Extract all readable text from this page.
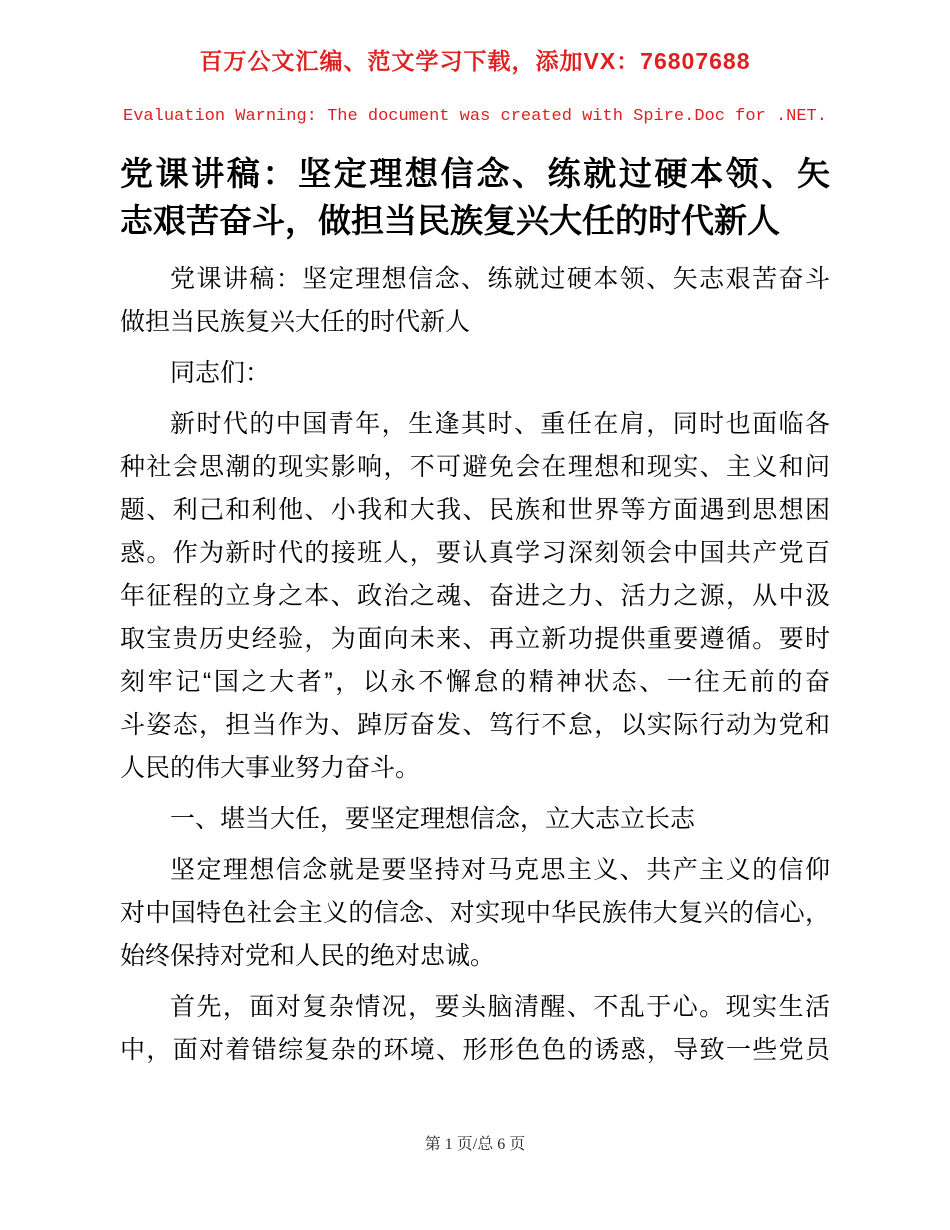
百万公文汇编、范文学习下载，添加VX：76807688
Evaluation Warning: The document was created with Spire.Doc for .NET.
党课讲稿：坚定理想信念、练就过硬本领、矢
志艰苦奋斗，做担当民族复兴大任的时代新人
党课讲稿：坚定理想信念、练就过硬本领、矢志艰苦奋斗
做担当民族复兴大任的时代新人
同志们：
新时代的中国青年，生逢其时、重任在肩，同时也面临各
种社会思潮的现实影响，不可避免会在理想和现实、主义和问
题、利己和利他、小我和大我、民族和世界等方面遇到思想困
惑。作为新时代的接班人，要认真学习深刻领会中国共产党百
年征程的立身之本、政治之魂、奋进之力、活力之源，从中汲
取宝贵历史经验，为面向未来、再立新功提供重要遵循。要时
刻牢记“国之大者”，以永不懈怠的精神状态、一往无前的奋
斗姿态，担当作为、踔厉奋发、笃行不怠，以实际行动为党和
人民的伟大事业努力奋斗。
一、堪当大任，要坚定理想信念，立大志立长志
坚定理想信念就是要坚持对马克思主义、共产主义的信仰
对中国特色社会主义的信念、对实现中华民族伟大复兴的信心，
始终保持对党和人民的绝对忠诚。
首先，面对复杂情况，要头脑清醒、不乱于心。现实生活
中，面对着错综复杂的环境、形形色色的诱惑，导致一些党员
第 1 页/总 6 页
